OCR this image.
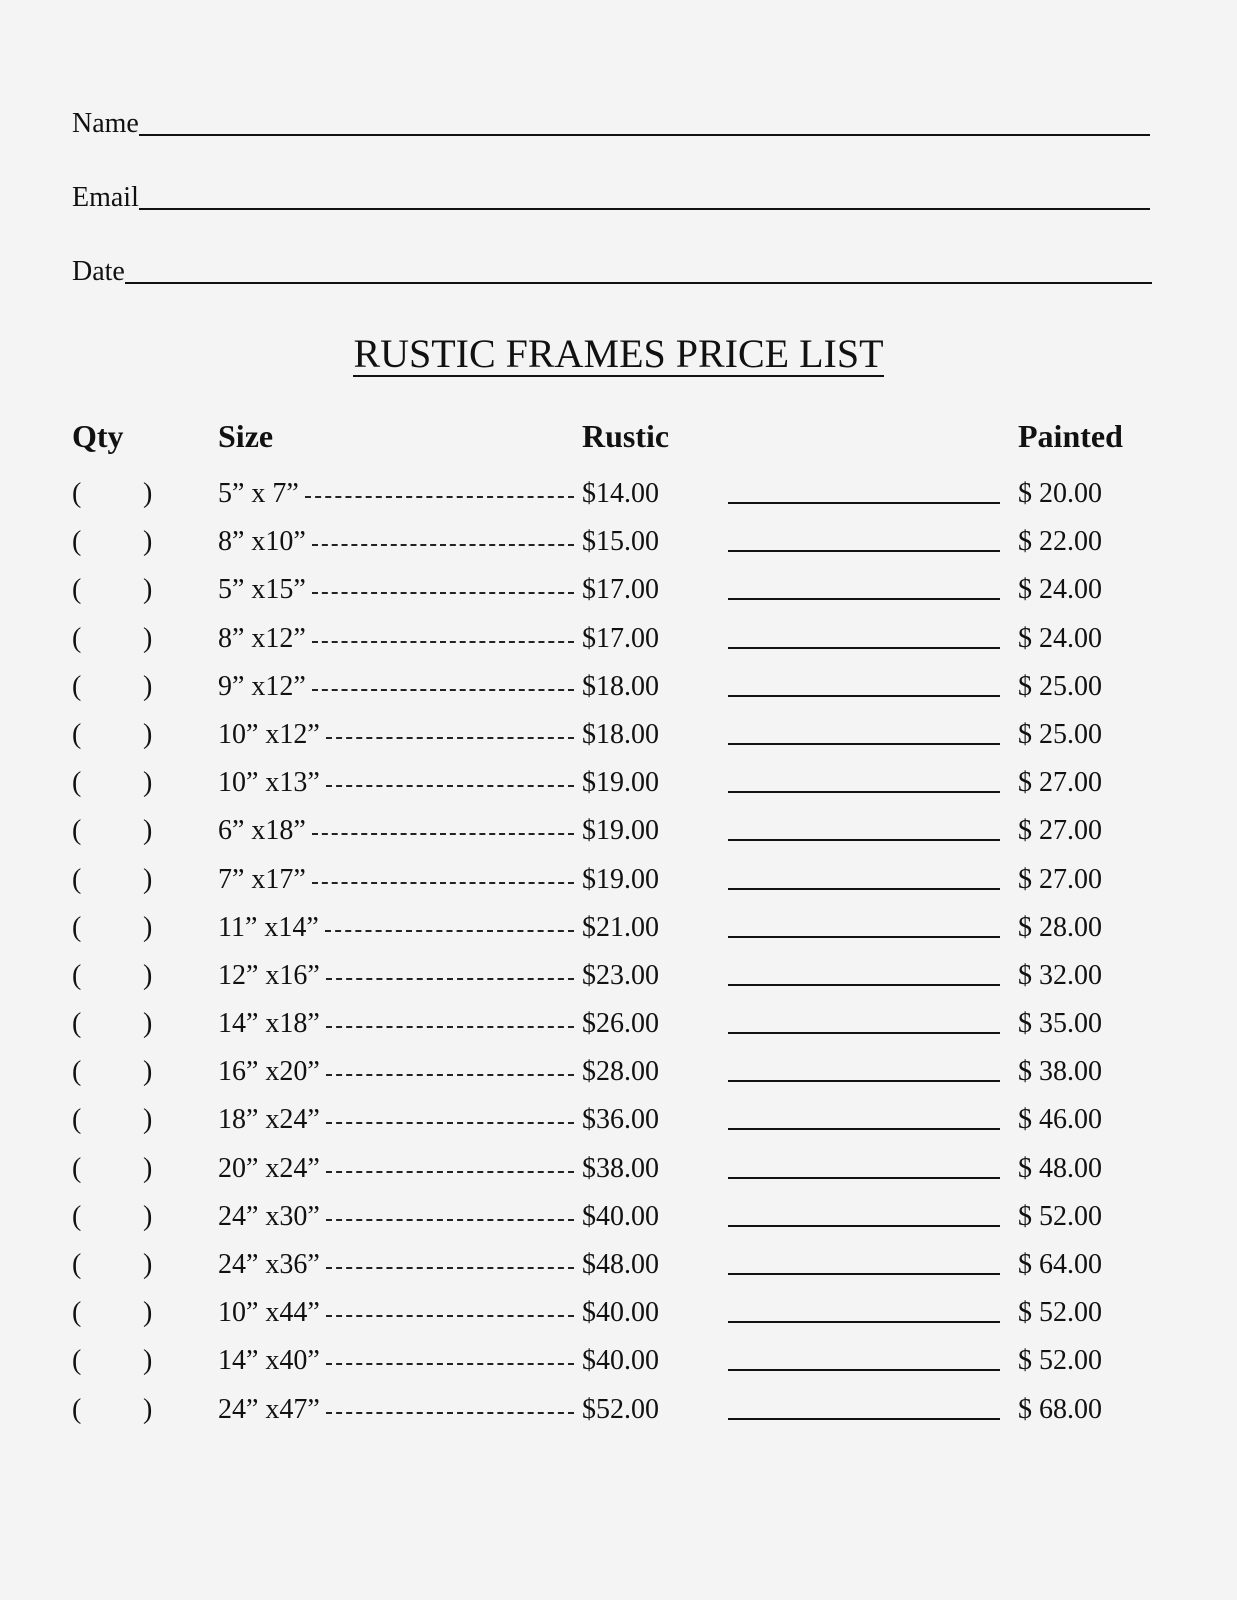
Name
Email
Date
RUSTIC FRAMES PRICE LIST
Qty	Size	Rustic	Painted
( ) 5” x 7”	$14.00	$ 20.00
( ) 8” x10”	$15.00	$ 22.00
( ) 5” x15”	$17.00	$ 24.00
( ) 8” x12”	$17.00	$ 24.00
( ) 9” x12”	$18.00	$ 25.00
( ) 10” x12”	$18.00	$ 25.00
( ) 10” x13”	$19.00	$ 27.00
( ) 6” x18”	$19.00	$ 27.00
( ) 7” x17”	$19.00	$ 27.00
( ) 11” x14”	$21.00	$ 28.00
( ) 12” x16”	$23.00	$ 32.00
( ) 14” x18”	$26.00	$ 35.00
( ) 16” x20”	$28.00	$ 38.00
( ) 18” x24”	$36.00	$ 46.00
( ) 20” x24”	$38.00	$ 48.00
( ) 24” x30”	$40.00	$ 52.00
( ) 24” x36”	$48.00	$ 64.00
( ) 10” x44”	$40.00	$ 52.00
( ) 14” x40”	$40.00	$ 52.00
( ) 24” x47”	$52.00	$ 68.00
